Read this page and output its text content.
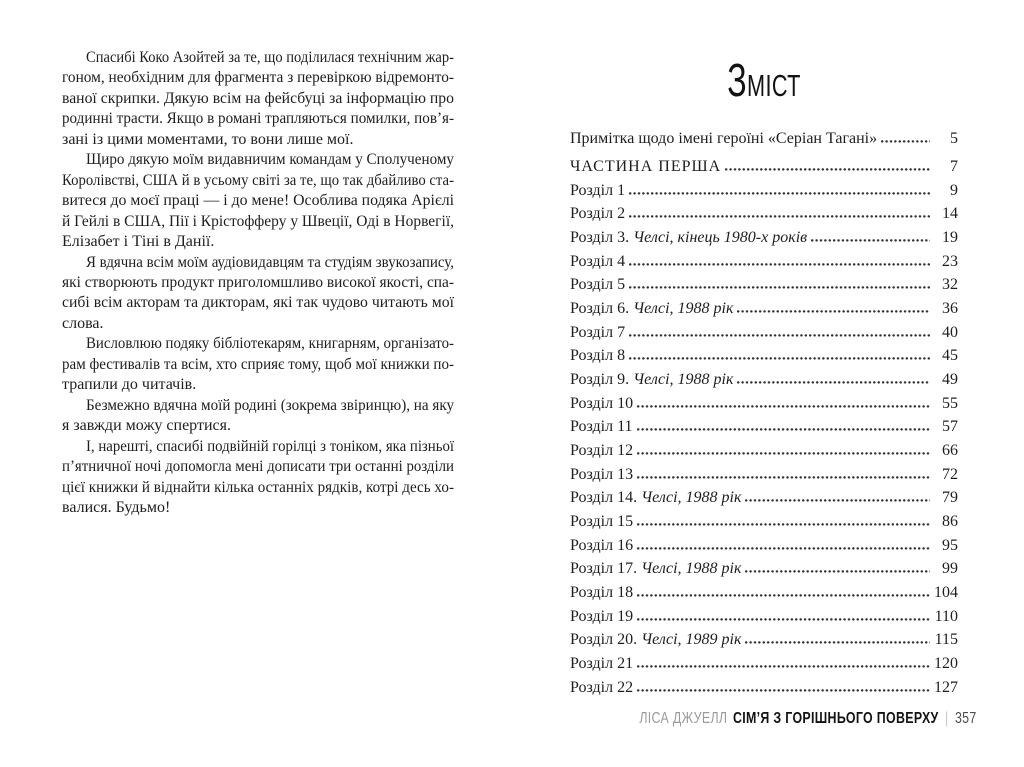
Спасибі Коко Азойтей за те, що поділилася технічним жар-
гоном, необхідним для фрагмента з перевіркою відремонто-
ваної скрипки. Дякую всім на фейсбуці за інформацію про
родинні трасти. Якщо в романі трапляються помилки, пов’я-
зані із цими моментами, то вони лише мої.
Щиро дякую моїм видавничим командам у Сполученому
Королівстві, США й в усьому світі за те, що так дбайливо ста-
витеся до моєї праці — і до мене! Особлива подяка Арієлі
й Гейлі в США, Пії і Крістофферу у Швеції, Оді в Норвегії,
Елізабет і Тіні в Данії.
Я вдячна всім моїм аудіовидавцям та студіям звукозапису,
які створюють продукт приголомшливо високої якості, спа-
сибі всім акторам та дикторам, які так чудово читають мої
слова.
Висловлюю подяку бібліотекарям, книгарням, організато-
рам фестивалів та всім, хто сприяє тому, щоб мої книжки по-
трапили до читачів.
Безмежно вдячна моїй родині (зокрема звіринцю), на яку
я завжди можу спертися.
І, нарешті, спасибі подвійній горілці з тоніком, яка пізньої
п’ятничної ночі допомогла мені дописати три останні розділи
цієї книжки й віднайти кілька останніх рядків, котрі десь хо-
валися. Будьмо!
ЗМІСТ
Примітка щодо імені героїні «Серіан Тагані»	5
ЧАСТИНА ПЕРША	7
Розділ 1	9
Розділ 2	14
Розділ 3. Челсі, кінець 1980-х років	19
Розділ 4	23
Розділ 5	32
Розділ 6. Челсі, 1988 рік	36
Розділ 7	40
Розділ 8	45
Розділ 9. Челсі, 1988 рік	49
Розділ 10	55
Розділ 11	57
Розділ 12	66
Розділ 13	72
Розділ 14. Челсі, 1988 рік	79
Розділ 15	86
Розділ 16	95
Розділ 17. Челсі, 1988 рік	99
Розділ 18	104
Розділ 19	110
Розділ 20. Челсі, 1989 рік	115
Розділ 21	120
Розділ 22	127
ЛІСА ДЖУЕЛЛ СІМ’Я З ГОРІШНЬОГО ПОВЕРХУ | 357
